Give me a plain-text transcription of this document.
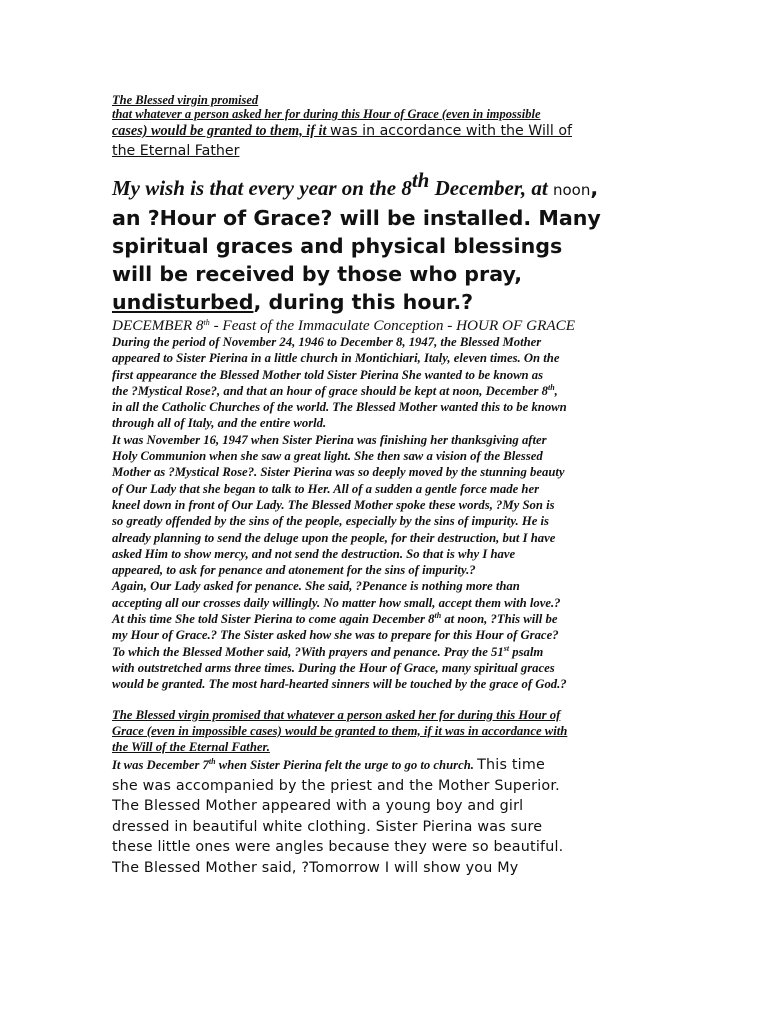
The Blessed virgin promised

that whatever a person asked her for during this Hour of Grace (even in impossible

cases) would be granted to them, if it was in accordance with the Will of

the Eternal Father

My wish is that every year on the 8th December, at noon,

an ?Hour of Grace? will be installed. Many

spiritual graces and physical blessings

will be received by those who pray,

undisturbed, during this hour.?

DECEMBER 8th - Feast of the Immaculate Conception - HOUR OF GRACE

During the period of November 24, 1946 to December 8, 1947, the Blessed Mother

appeared to Sister Pierina in a little church in Montichiari, Italy, eleven times. On the

first appearance the Blessed Mother told Sister Pierina She wanted to be known as

the ?Mystical Rose?, and that an hour of grace should be kept at noon, December 8th,

in all the Catholic Churches of the world. The Blessed Mother wanted this to be known

through all of Italy, and the entire world.

It was November 16, 1947 when Sister Pierina was finishing her thanksgiving after

Holy Communion when she saw a great light. She then saw a vision of the Blessed

Mother as ?Mystical Rose?. Sister Pierina was so deeply moved by the stunning beauty

of Our Lady that she began to talk to Her. All of a sudden a gentle force made her

kneel down in front of Our Lady. The Blessed Mother spoke these words, ?My Son is

so greatly offended by the sins of the people, especially by the sins of impurity. He is

already planning to send the deluge upon the people, for their destruction, but I have

asked Him to show mercy, and not send the destruction. So that is why I have

appeared, to ask for penance and atonement for the sins of impurity.?

Again, Our Lady asked for penance. She said, ?Penance is nothing more than

accepting all our crosses daily willingly. No matter how small, accept them with love.?

At this time She told Sister Pierina to come again December 8th at noon, ?This will be

my Hour of Grace.? The Sister asked how she was to prepare for this Hour of Grace?

To which the Blessed Mother said, ?With prayers and penance. Pray the 51st psalm

with outstretched arms three times. During the Hour of Grace, many spiritual graces

would be granted. The most hard-hearted sinners will be touched by the grace of God.?

The Blessed virgin promised that whatever a person asked her for during this Hour of

Grace (even in impossible cases) would be granted to them, if it was in accordance with

the Will of the Eternal Father.

It was December 7th when Sister Pierina felt the urge to go to church. This time

she was accompanied by the priest and the Mother Superior.

The Blessed Mother appeared with a young boy and girl

dressed in beautiful white clothing. Sister Pierina was sure

these little ones were angles because they were so beautiful.

The Blessed Mother said, ?Tomorrow I will show you My
